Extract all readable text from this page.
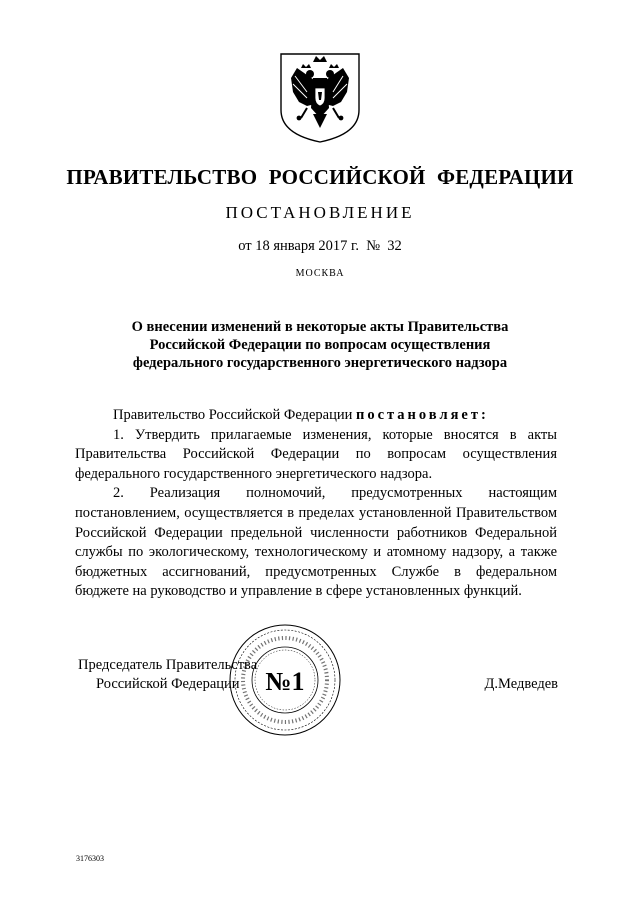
ПРАВИТЕЛЬСТВО РОССИЙСКОЙ ФЕДЕРАЦИИ
ПОСТАНОВЛЕНИЕ
от 18 января 2017 г.  №  32
МОСКВА
О внесении изменений в некоторые акты Правительства
Российской Федерации по вопросам осуществления
федерального государственного энергетического надзора

Правительство Российской Федерации постановляет:

1. Утвердить прилагаемые изменения, которые вносятся в акты Правительства Российской Федерации по вопросам осуществления федерального государственного энергетического надзора.

2. Реализация полномочий, предусмотренных настоящим постановлением, осуществляется в пределах установленной Правительством Российской Федерации предельной численности работников Федеральной службы по экологическому, технологическому и атомному надзору, а также бюджетных ассигнований, предусмотренных Службе в федеральном бюджете на руководство и управление в сфере установленных функций.

Председатель Правительства
Российской Федерации	Д.Медведев
№1
3176303
